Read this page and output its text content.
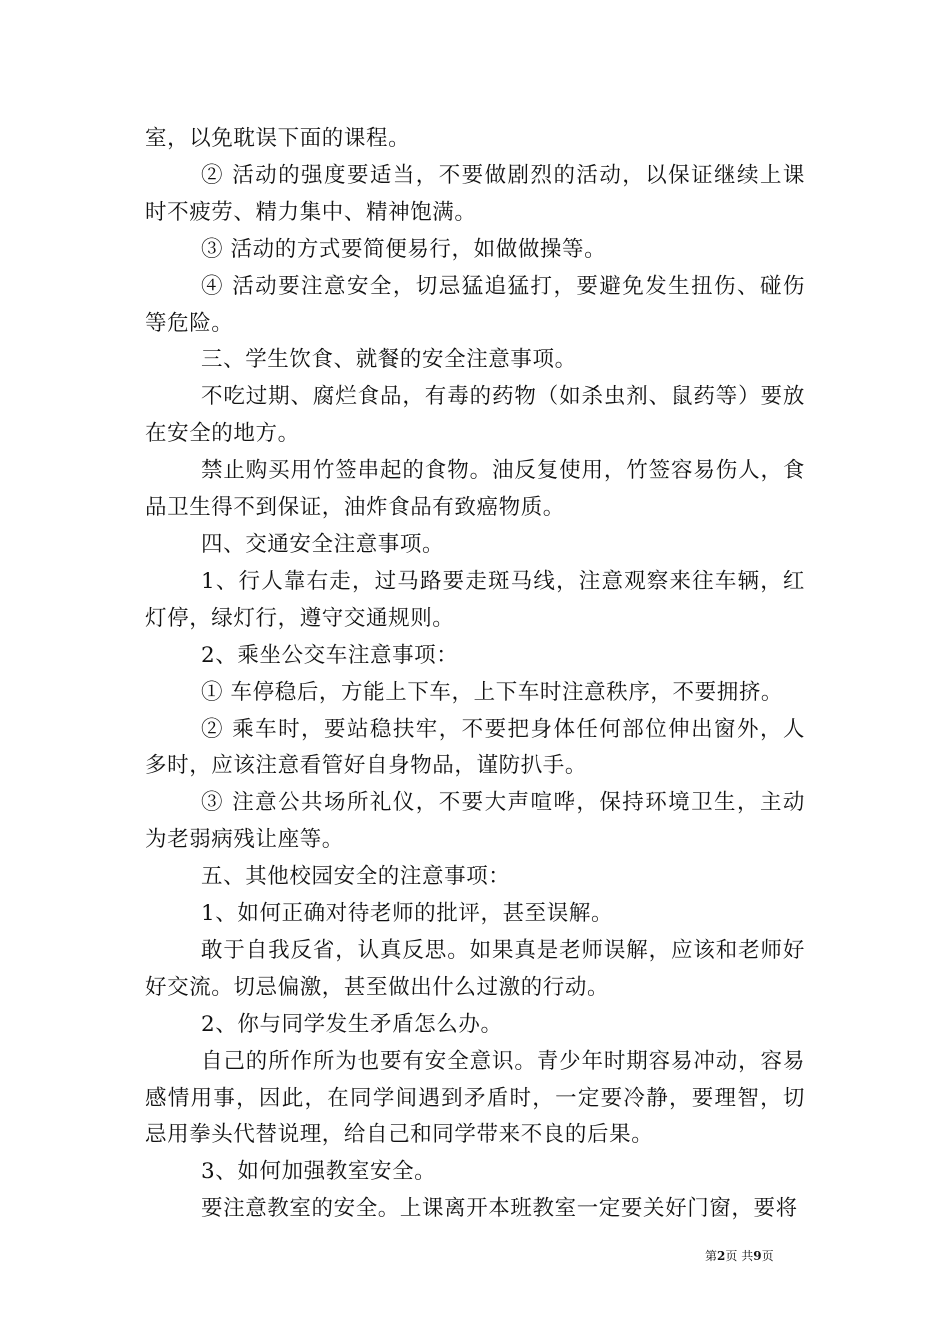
室，以免耽误下面的课程。

② 活动的强度要适当，不要做剧烈的活动，以保证继续上课时不疲劳、精力集中、精神饱满。

③ 活动的方式要简便易行，如做做操等。

④ 活动要注意安全，切忌猛追猛打，要避免发生扭伤、碰伤等危险。

三、学生饮食、就餐的安全注意事项。

不吃过期、腐烂食品，有毒的药物（如杀虫剂、鼠药等）要放在安全的地方。

禁止购买用竹签串起的食物。油反复使用，竹签容易伤人，食品卫生得不到保证，油炸食品有致癌物质。

四、交通安全注意事项。

1、行人靠右走，过马路要走斑马线，注意观察来往车辆，红灯停，绿灯行，遵守交通规则。

2、乘坐公交车注意事项：

① 车停稳后，方能上下车，上下车时注意秩序，不要拥挤。

② 乘车时，要站稳扶牢，不要把身体任何部位伸出窗外，人多时，应该注意看管好自身物品，谨防扒手。

③ 注意公共场所礼仪，不要大声喧哗，保持环境卫生，主动为老弱病残让座等。

五、其他校园安全的注意事项：

1、如何正确对待老师的批评，甚至误解。

敢于自我反省，认真反思。如果真是老师误解，应该和老师好好交流。切忌偏激，甚至做出什么过激的行动。

2、你与同学发生矛盾怎么办。

自己的所作所为也要有安全意识。青少年时期容易冲动，容易感情用事，因此，在同学间遇到矛盾时，一定要冷静，要理智，切忌用拳头代替说理，给自己和同学带来不良的后果。

3、如何加强教室安全。

要注意教室的安全。上课离开本班教室一定要关好门窗，要将

第2页 共9页
